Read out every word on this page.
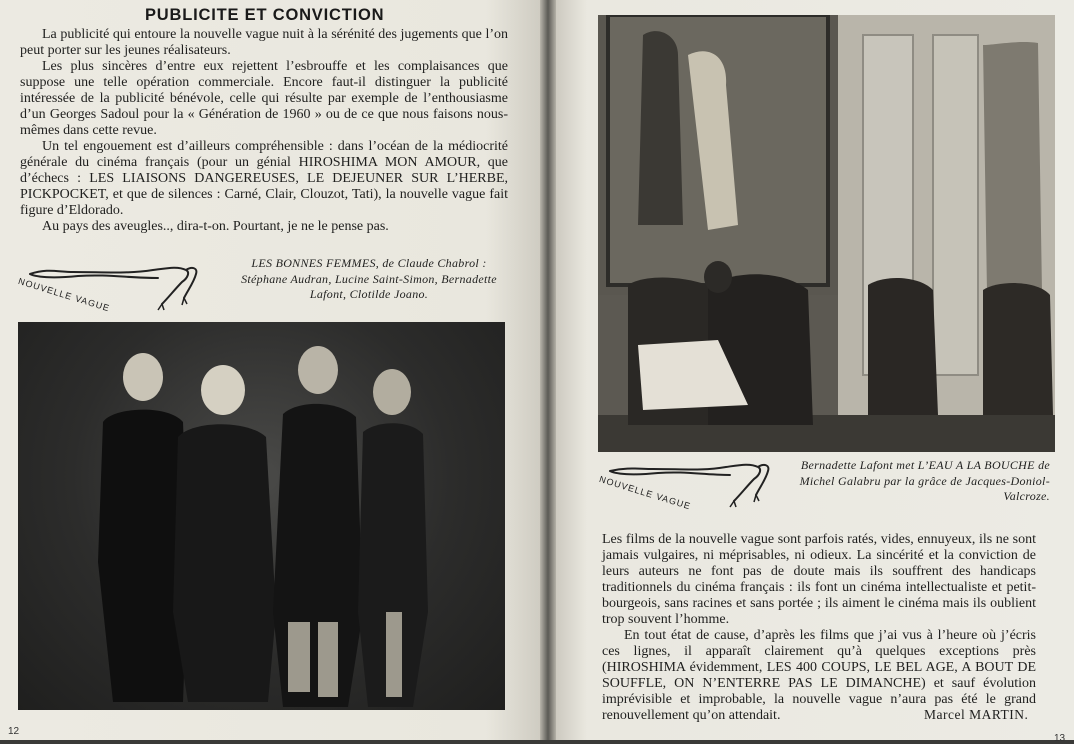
PUBLICITE ET CONVICTION

La publicité qui entoure la nouvelle vague nuit à la sérénité des jugements que l’on peut porter sur les jeunes réalisateurs.

Les plus sincères d’entre eux rejettent l’esbrouffe et les complaisances que suppose une telle opération commerciale. Encore faut-il distinguer la publicité intéressée de la publicité bénévole, celle qui résulte par exemple de l’enthousiasme d’un Georges Sadoul pour la « Génération de 1960 » ou de ce que nous faisons nous-mêmes dans cette revue.

Un tel engouement est d’ailleurs compréhensible : dans l’océan de la médiocrité générale du cinéma français (pour un génial HIROSHIMA MON AMOUR, que d’échecs : LES LIAISONS DANGEREUSES, LE DEJEUNER SUR L’HERBE, PICKPOCKET, et que de silences : Carné, Clair, Clouzot, Tati), la nouvelle vague fait figure d’Eldorado.

Au pays des aveugles.., dira-t-on. Pourtant, je ne le pense pas.

NOUVELLE VAGUE
LES BONNES FEMMES, de Claude Chabrol : Stéphane Audran, Lucine Saint-Simon, Bernadette Lafont, Clotilde Joano.
12
NOUVELLE VAGUE
Bernadette Lafont met L’EAU A LA BOUCHE de Michel Galabru par la grâce de Jacques-Doniol-Valcroze.

Les films de la nouvelle vague sont parfois ratés, vides, ennuyeux, ils ne sont jamais vulgaires, ni méprisables, ni odieux. La sincérité et la conviction de leurs auteurs ne font pas de doute mais ils souffrent des handicaps traditionnels du cinéma français : ils font un cinéma intellectualiste et petit-bourgeois, sans racines et sans portée ; ils aiment le cinéma mais ils oublient trop souvent l’homme.

En tout état de cause, d’après les films que j’ai vus à l’heure où j’écris ces lignes, il apparaît clairement qu’à quelques exceptions près (HIROSHIMA évidemment, LES 400 COUPS, LE BEL AGE, A BOUT DE SOUFFLE, ON N’ENTERRE PAS LE DIMANCHE) et sauf évolution imprévisible et improbable, la nouvelle vague n’aura pas été le grand renouvellement qu’on attendait.	Marcel MARTIN.
13
